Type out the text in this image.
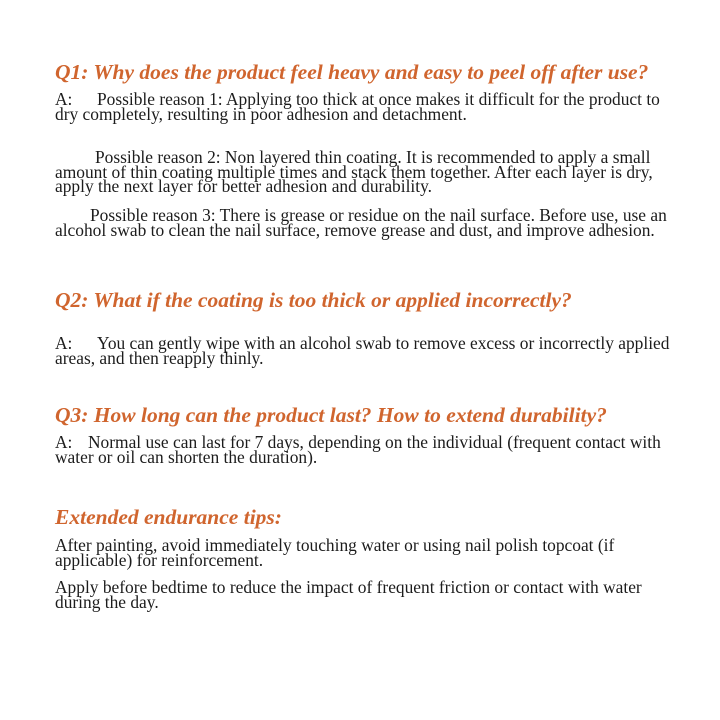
Q1: Why does the product feel heavy and easy to peel off after use?

A: Possible reason 1: Applying too thick at once makes it difficult for the product to dry completely, resulting in poor adhesion and detachment.

Possible reason 2: Non layered thin coating. It is recommended to apply a small amount of thin coating multiple times and stack them together. After each layer is dry, apply the next layer for better adhesion and durability.

Possible reason 3: There is grease or residue on the nail surface. Before use, use an alcohol swab to clean the nail surface, remove grease and dust, and improve adhesion.

Q2: What if the coating is too thick or applied incorrectly?

A: You can gently wipe with an alcohol swab to remove excess or incorrectly applied areas, and then reapply thinly.

Q3: How long can the product last? How to extend durability?

A: Normal use can last for 7 days, depending on the individual (frequent contact with water or oil can shorten the duration).

Extended endurance tips:

After painting, avoid immediately touching water or using nail polish topcoat (if applicable) for reinforcement.

Apply before bedtime to reduce the impact of frequent friction or contact with water during the day.
